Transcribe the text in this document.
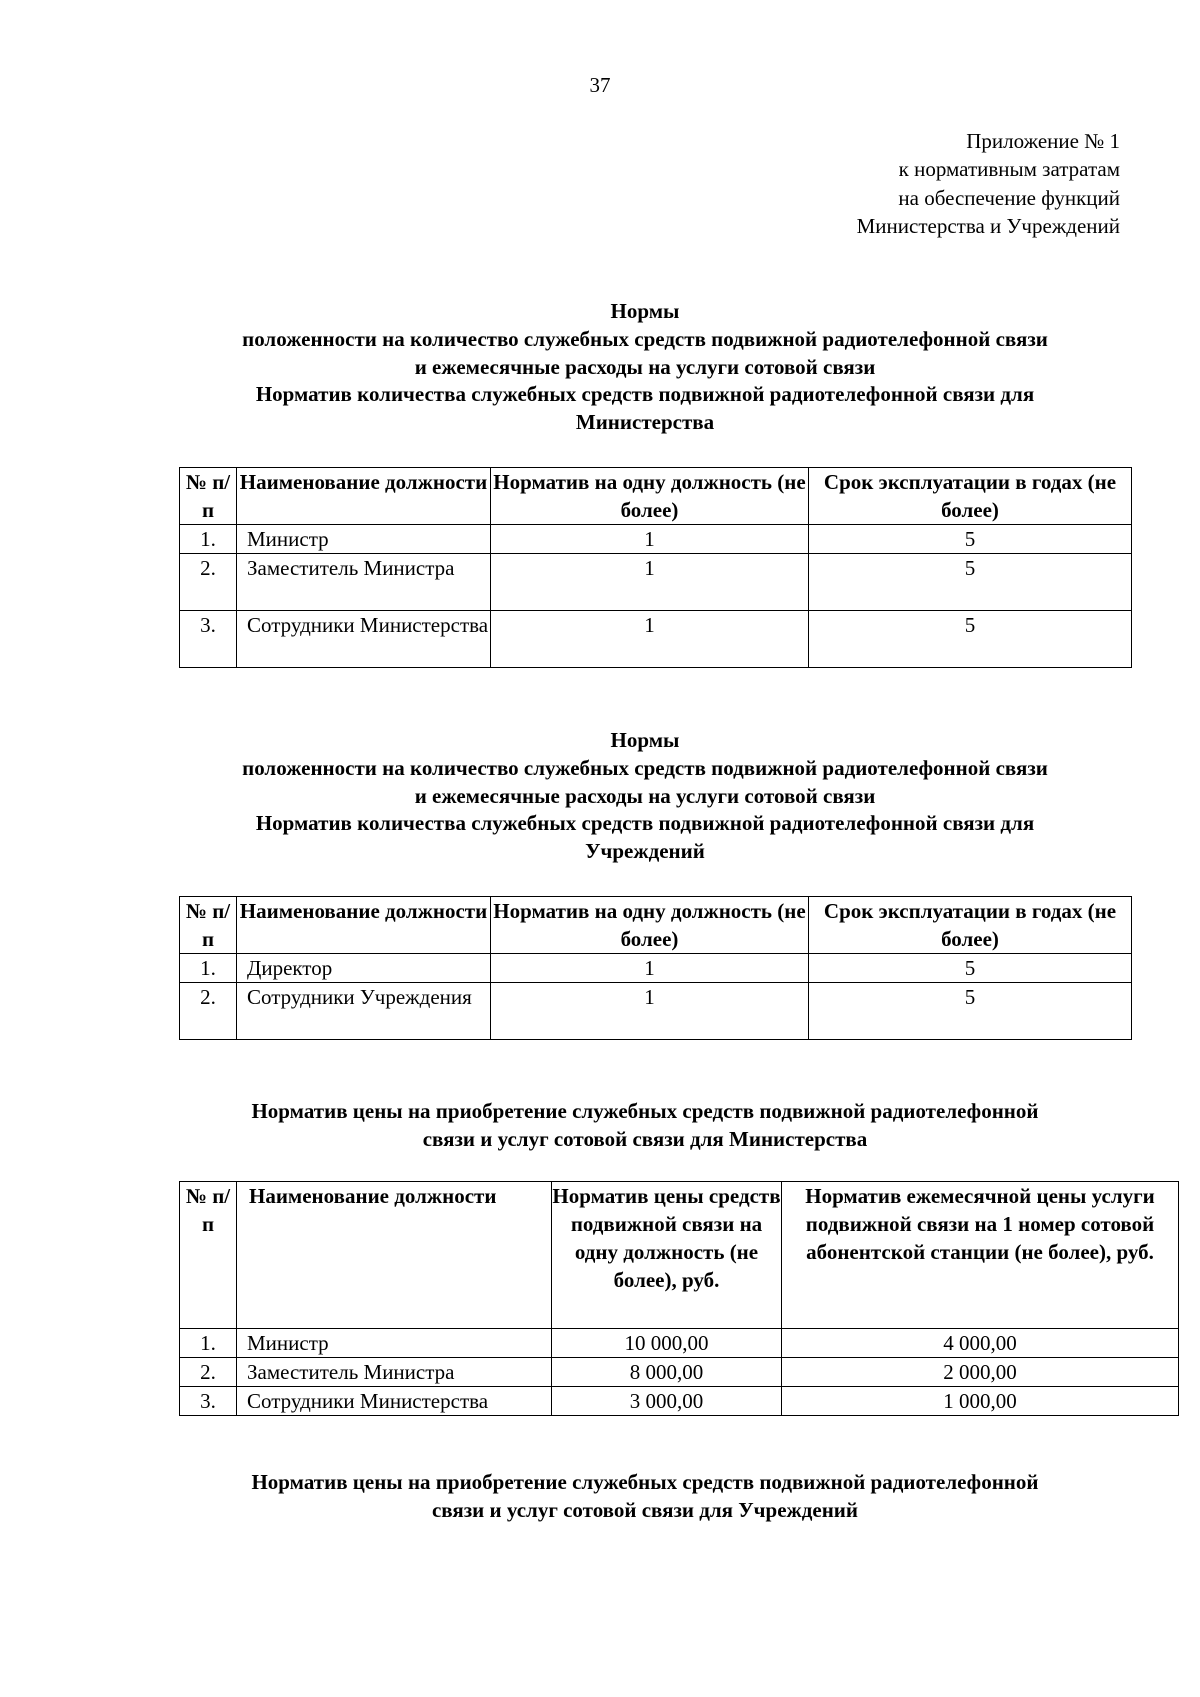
37
Приложение № 1
к нормативным затратам
на обеспечение функций
Министерства и Учреждений
Нормы
положенности на количество служебных средств подвижной радиотелефонной связи
и ежемесячные расходы на услуги сотовой связи
Норматив количества служебных средств подвижной радиотелефонной связи для
Министерства
№ п/п	Наименование должности	Норматив на одну должность (не более)	Срок эксплуатации в годах (не более)
1.	Министр	1	5
2.	Заместитель Министра	1	5
3.	Сотрудники Министерства	1	5
Нормы
положенности на количество служебных средств подвижной радиотелефонной связи
и ежемесячные расходы на услуги сотовой связи
Норматив количества служебных средств подвижной радиотелефонной связи для
Учреждений
№ п/п	Наименование должности	Норматив на одну должность (не более)	Срок эксплуатации в годах (не более)
1.	Директор	1	5
2.	Сотрудники Учреждения	1	5
Норматив цены на приобретение служебных средств подвижной радиотелефонной
связи и услуг сотовой связи для Министерства
№ п/п	Наименование должности	Норматив цены средств подвижной связи на одну должность (не более), руб.	Норматив ежемесячной цены услуги подвижной связи на 1 номер сотовой абонентской станции (не более), руб.
1.	Министр	10 000,00	4 000,00
2.	Заместитель Министра	8 000,00	2 000,00
3.	Сотрудники Министерства	3 000,00	1 000,00
Норматив цены на приобретение служебных средств подвижной радиотелефонной
связи и услуг сотовой связи для Учреждений
